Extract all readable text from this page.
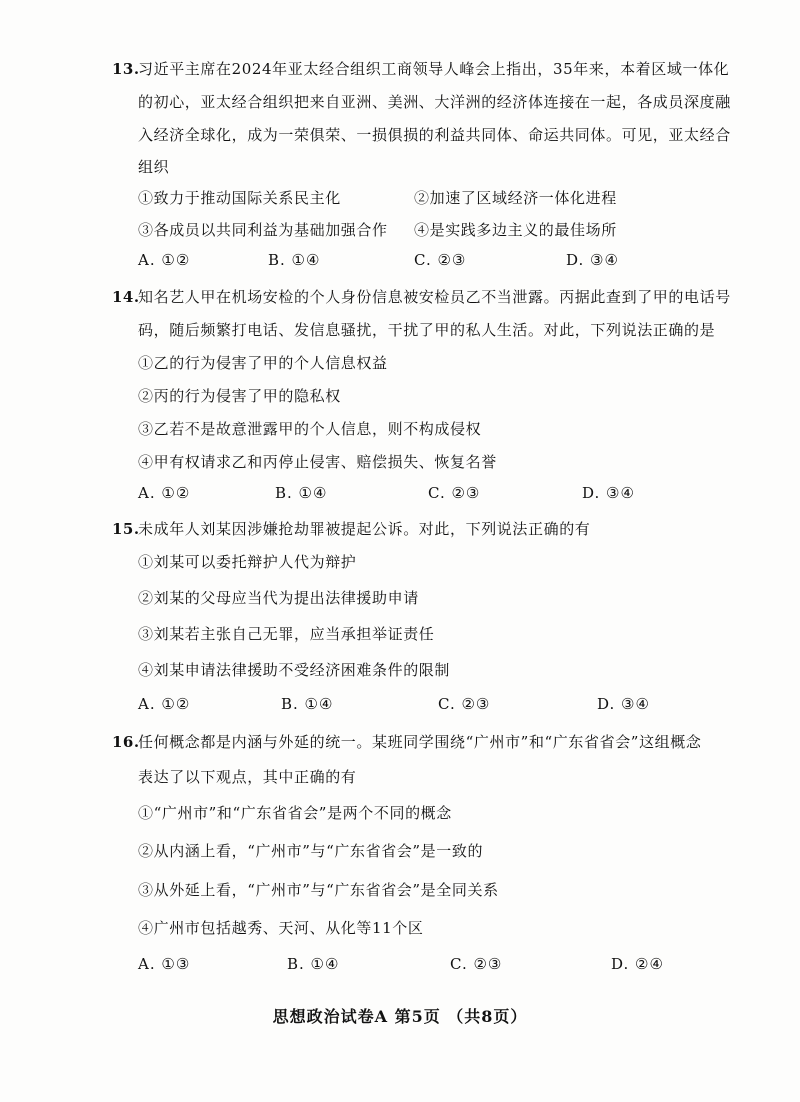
13.
习近平主席在2024年亚太经合组织工商领导人峰会上指出，35年来，本着区域一体化
的初心，亚太经合组织把来自亚洲、美洲、大洋洲的经济体连接在一起，各成员深度融
入经济全球化，成为一荣俱荣、一损俱损的利益共同体、命运共同体。可见，亚太经合
组织
①致力于推动国际关系民主化	②加速了区域经济一体化进程
③各成员以共同利益为基础加强合作 ④是实践多边主义的最佳场所
A. ①②	B. ①④	C. ②③	D. ③④
14.
知名艺人甲在机场安检的个人身份信息被安检员乙不当泄露。丙据此查到了甲的电话号
码，随后频繁打电话、发信息骚扰，干扰了甲的私人生活。对此，下列说法正确的是
①乙的行为侵害了甲的个人信息权益
②丙的行为侵害了甲的隐私权
③乙若不是故意泄露甲的个人信息，则不构成侵权
④甲有权请求乙和丙停止侵害、赔偿损失、恢复名誉
A. ①②	B. ①④	C. ②③	D. ③④
15.
未成年人刘某因涉嫌抢劫罪被提起公诉。对此，下列说法正确的有
①刘某可以委托辩护人代为辩护
②刘某的父母应当代为提出法律援助申请
③刘某若主张自己无罪，应当承担举证责任
④刘某申请法律援助不受经济困难条件的限制
A. ①②	B. ①④	C. ②③	D. ③④
16.
任何概念都是内涵与外延的统一。某班同学围绕“广州市”和“广东省省会”这组概念
表达了以下观点，其中正确的有
①“广州市”和“广东省省会”是两个不同的概念
②从内涵上看，“广州市”与“广东省省会”是一致的
③从外延上看，“广州市”与“广东省省会”是全同关系
④广州市包括越秀、天河、从化等11个区
A. ①③	B. ①④	C. ②③	D. ②④
思想政治试卷A 第5页 （共8页）
